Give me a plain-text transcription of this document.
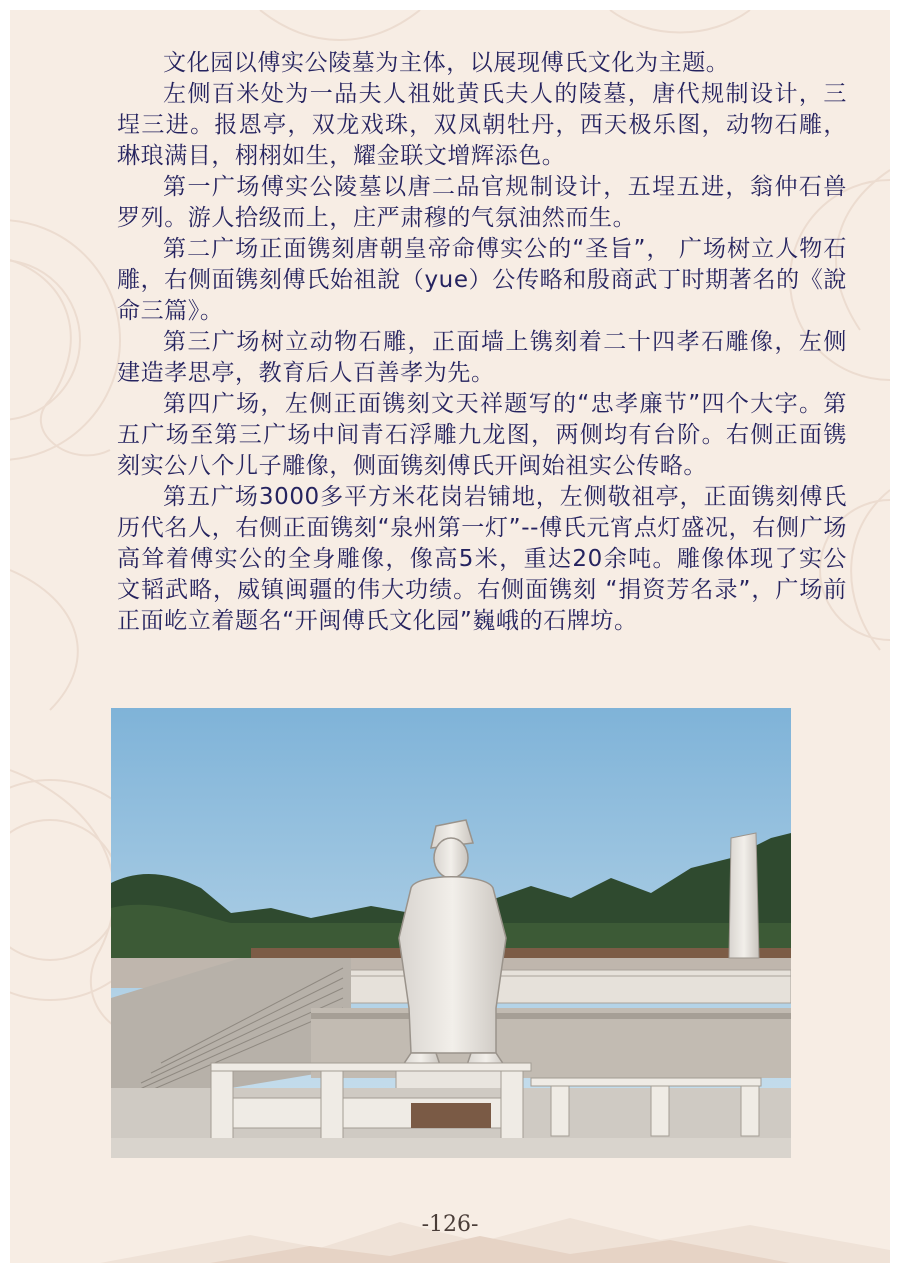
文化园以傅实公陵墓为主体，以展现傅氏文化为主题。

左侧百米处为一品夫人祖妣黄氏夫人的陵墓，唐代规制设计，三埕三进。报恩亭，双龙戏珠，双凤朝牡丹，西天极乐图，动物石雕，琳琅满目，栩栩如生，耀金联文增辉添色。

第一广场傅实公陵墓以唐二品官规制设计，五埕五进，翁仲石兽罗列。游人拾级而上，庄严肃穆的气氛油然而生。

第二广场正面镌刻唐朝皇帝命傅实公的“圣旨”， 广场树立人物石雕，右侧面镌刻傅氏始祖說（yue）公传略和殷商武丁时期著名的《說命三篇》。

第三广场树立动物石雕，正面墙上镌刻着二十四孝石雕像，左侧建造孝思亭，教育后人百善孝为先。

第四广场，左侧正面镌刻文天祥题写的“忠孝廉节”四个大字。第五广场至第三广场中间青石浮雕九龙图，两侧均有台阶。右侧正面镌刻实公八个儿子雕像，侧面镌刻傅氏开闽始祖实公传略。

第五广场3000多平方米花岗岩铺地，左侧敬祖亭，正面镌刻傅氏历代名人，右侧正面镌刻“泉州第一灯”--傅氏元宵点灯盛况，右侧广场高耸着傅实公的全身雕像，像高5米，重达20余吨。雕像体现了实公文韬武略，威镇闽疆的伟大功绩。右侧面镌刻 “捐资芳名录”，广场前正面屹立着题名“开闽傅氏文化园”巍峨的石牌坊。

-126-
